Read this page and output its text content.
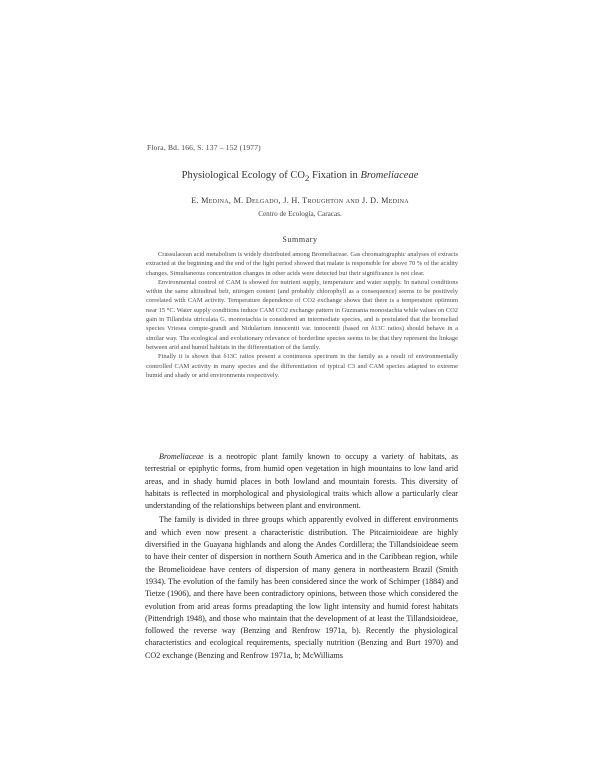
Flora, Bd. 166, S. 137 – 152 (1977)
Physiological Ecology of $CO_2$ Fixation in Bromeliaceae
E. Medina, M. Delgado, J. H. Troughton and J. D. Medina
Centro de Ecología, Caracas.
Summary

Crassulacean acid metabolism is widely distributed among Bromeliaceae. Gas chromatographic analyses of extracts extracted at the beginning and the end of the light period showed that malate is responsible for above 70 % of the acidity changes. Simultaneous concentration changes in other acids were detected but their significance is not clear.

Environmental control of CAM is showed for nutrient supply, temperature and water supply. In natural conditions within the same altitudinal belt, nitrogen content (and probably chlorophyll as a consequence) seems to be positively correlated with CAM activity. Temperature dependence of CO2 exchange shows that there is a temperature optimum near 15 °C. Water supply conditions induce CAM CO2 exchange pattern in Guzmania monostachia while values on CO2 gain in Tillandsia utriculata G. monostachia is considered an intermediate species, and is postulated that the bromeliad species Vriesea compte-grandi and Nidularium innocentii var. innocentii (based on δ13C ratios) should behave in a similar way. The ecological and evolutionary relevance of borderline species seems to be that they represent the linkage between arid and humid habitats in the differentiation of the family.

Finally it is shown that δ13C ratios present a continuous spectrum in the family as a result of environmentally controlled CAM activity in many species and the differentiation of typical C3 and CAM species adapted to extreme humid and shady or arid environments respectively.

Bromeliaceae is a neotropic plant family known to occupy a variety of habitats, as terrestrial or epiphytic forms, from humid open vegetation in high mountains to low land arid areas, and in shady humid places in both lowland and mountain forests. This diversity of habitats is reflected in morphological and physiological traits which allow a particularly clear understanding of the relationships between plant and environment.

The family is divided in three groups which apparently evolved in different environments and which even now present a characteristic distribution. The Pitcairnioideae are highly diversified in the Guayana highlands and along the Andes Cordillera; the Tillandsioideae seem to have their center of dispersion in northern South America and in the Caribbean region, while the Bromelioideae have centers of dispersion of many genera in northeastern Brazil (Smith 1934). The evolution of the family has been considered since the work of Schimper (1884) and Tietze (1906), and there have been contradictory opinions, between those which considered the evolution from arid areas forms preadapting the low light intensity and humid forest habitats (Pittendrigh 1948), and those who maintain that the development of at least the Tillandsioideae, followed the reverse way (Benzing and Renfrow 1971a, b). Recently the physiological characteristics and ecological requirements, specially nutrition (Benzing and Burt 1970) and CO2 exchange (Benzing and Renfrow 1971a, b; McWilliams
